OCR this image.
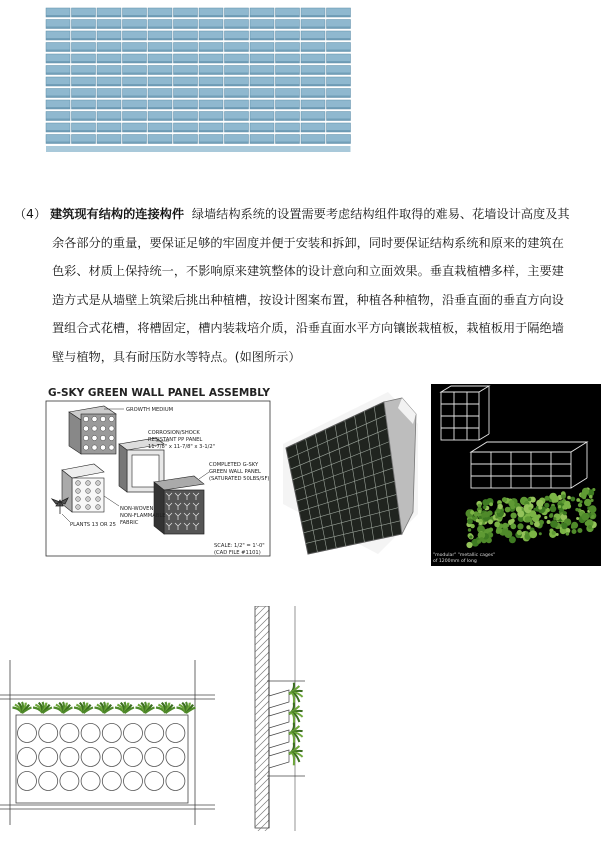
（4） 建筑现有结构的连接构件 绿墙结构系统的设置需要考虑结构组件取得的难易、花墙设计高度及其
余各部分的重量，要保证足够的牢固度并便于安装和拆卸，同时要保证结构系统和原来的建筑在
色彩、材质上保持统一，不影响原来建筑整体的设计意向和立面效果。垂直栽植槽多样，主要建
造方式是从墙壁上筑梁后挑出种植槽，按设计图案布置，种植各种植物，沿垂直面的垂直方向设
置组合式花槽，将槽固定，槽内装栽培介质，沿垂直面水平方向镶嵌栽植板，栽植板用于隔绝墙
壁与植物，具有耐压防水等特点。(如图所示）
G-SKY GREEN WALL PANEL ASSEMBLY
GROWTH MEDIUM
CORROSION/SHOCK
RESISTANT PP PANEL
11-7/8" x 11-7/8" x 3-1/2"
COMPLETED G-SKY
GREEN WALL PANEL
(SATURATED 50LBS/SF)
NON-WOVEN
NON-FLAMMABLE
FABRIC
PLANTS 13 OR 25
SCALE: 1/2" = 1'-0"
(CAD FILE #1101)	"modular" "metallic cages"
of 1200mm of long
